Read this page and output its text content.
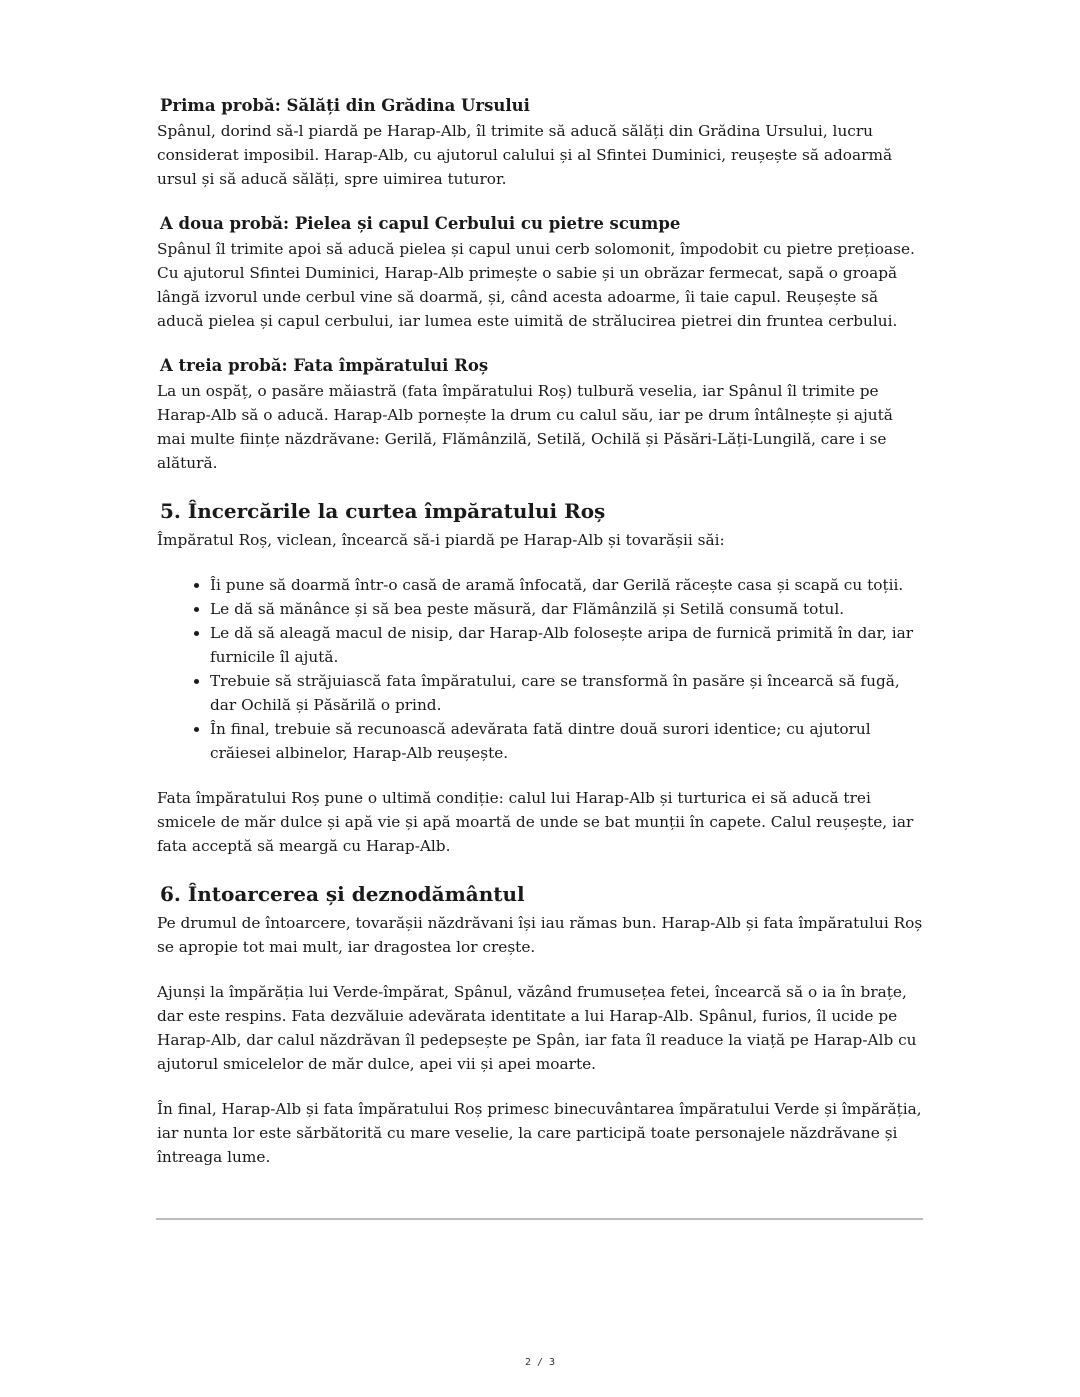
Prima probă: Sălăți din Grădina Ursului

Spânul, dorind să-l piardă pe Harap-Alb, îl trimite să aducă sălăți din Grădina Ursului, lucru considerat imposibil. Harap-Alb, cu ajutorul calului și al Sfintei Duminici, reușește să adoarmă ursul și să aducă sălăți, spre uimirea tuturor.

A doua probă: Pielea și capul Cerbului cu pietre scumpe

Spânul îl trimite apoi să aducă pielea și capul unui cerb solomonit, împodobit cu pietre prețioase. Cu ajutorul Sfintei Duminici, Harap-Alb primește o sabie și un obrăzar fermecat, sapă o groapă lângă izvorul unde cerbul vine să doarmă, și, când acesta adoarme, îi taie capul. Reușește să aducă pielea și capul cerbului, iar lumea este uimită de strălucirea pietrei din fruntea cerbului.

A treia probă: Fata împăratului Roș

La un ospăț, o pasăre măiastră (fata împăratului Roș) tulbură veselia, iar Spânul îl trimite pe Harap-Alb să o aducă. Harap-Alb pornește la drum cu calul său, iar pe drum întâlnește și ajută mai multe ființe năzdrăvane: Gerilă, Flămânzilă, Setilă, Ochilă și Păsări-Lăți-Lungilă, care i se alătură.

5. Încercările la curtea împăratului Roș

Împăratul Roș, viclean, încearcă să-i piardă pe Harap-Alb și tovarășii săi:

• Îi pune să doarmă într-o casă de aramă înfocată, dar Gerilă răcește casa și scapă cu toții.
• Le dă să mănânce și să bea peste măsură, dar Flămânzilă și Setilă consumă totul.
• Le dă să aleagă macul de nisip, dar Harap-Alb folosește aripa de furnică primită în dar, iar furnicile îl ajută.
• Trebuie să străjuiască fata împăratului, care se transformă în pasăre și încearcă să fugă, dar Ochilă și Păsărilă o prind.
• În final, trebuie să recunoască adevărata fată dintre două surori identice; cu ajutorul crăiesei albinelor, Harap-Alb reușește.

Fata împăratului Roș pune o ultimă condiție: calul lui Harap-Alb și turturica ei să aducă trei smicele de măr dulce și apă vie și apă moartă de unde se bat munții în capete. Calul reușește, iar fata acceptă să meargă cu Harap-Alb.

6. Întoarcerea și deznodământul

Pe drumul de întoarcere, tovarășii năzdrăvani își iau rămas bun. Harap-Alb și fata împăratului Roș se apropie tot mai mult, iar dragostea lor crește.

Ajunși la împărăția lui Verde-împărat, Spânul, văzând frumusețea fetei, încearcă să o ia în brațe, dar este respins. Fata dezvăluie adevărata identitate a lui Harap-Alb. Spânul, furios, îl ucide pe Harap-Alb, dar calul năzdrăvan îl pedepsește pe Spân, iar fata îl readuce la viață pe Harap-Alb cu ajutorul smicelelor de măr dulce, apei vii și apei moarte.

În final, Harap-Alb și fata împăratului Roș primesc binecuvântarea împăratului Verde și împărăția, iar nunta lor este sărbătorită cu mare veselie, la care participă toate personajele năzdrăvane și întreaga lume.

2 / 3
